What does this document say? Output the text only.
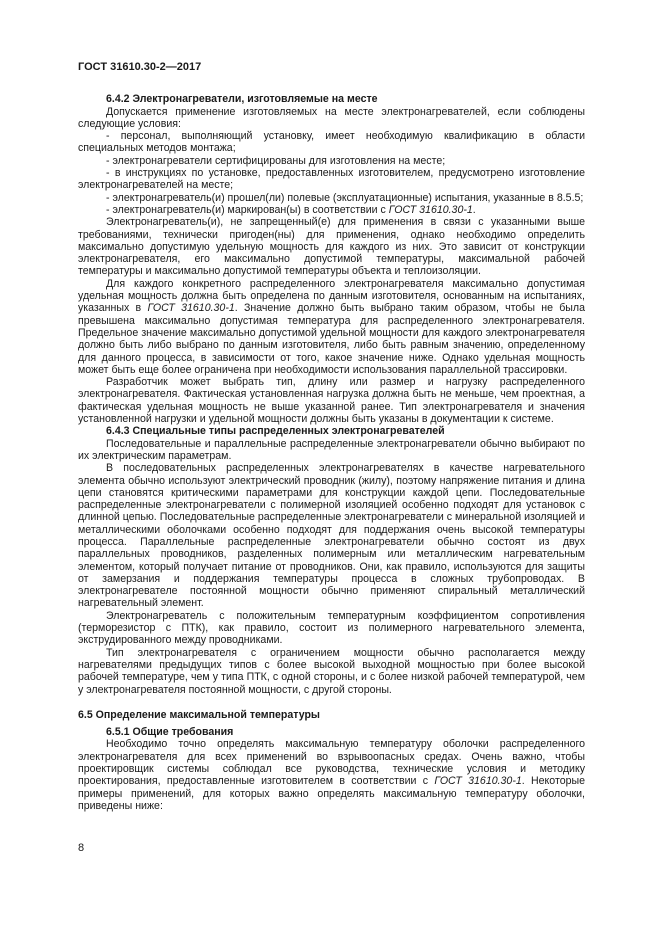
ГОСТ 31610.30-2—2017

6.4.2 Электронагреватели, изготовляемые на месте

Допускается применение изготовляемых на месте электронагревателей, если соблюдены следующие условия:

- персонал, выполняющий установку, имеет необходимую квалификацию в области специальных методов монтажа;

- электронагреватели сертифицированы для изготовления на месте;

- в инструкциях по установке, предоставленных изготовителем, предусмотрено изготовление электронагревателей на месте;

- электронагреватель(и) прошел(ли) полевые (эксплуатационные) испытания, указанные в 8.5.5;

- электронагреватель(и) маркирован(ы) в соответствии с ГОСТ 31610.30-1.

Электронагреватель(и), не запрещенный(е) для применения в связи с указанными выше требованиями, технически пригоден(ны) для применения, однако необходимо определить максимально допустимую удельную мощность для каждого из них. Это зависит от конструкции электронагревателя, его максимально допустимой температуры, максимальной рабочей температуры и максимально допустимой температуры объекта и теплоизоляции.

Для каждого конкретного распределенного электронагревателя максимально допустимая удельная мощность должна быть определена по данным изготовителя, основанным на испытаниях, указанных в ГОСТ 31610.30-1. Значение должно быть выбрано таким образом, чтобы не была превышена максимально допустимая температура для распределенного электронагревателя. Предельное значение максимально допустимой удельной мощности для каждого электронагревателя должно быть либо выбрано по данным изготовителя, либо быть равным значению, определенному для данного процесса, в зависимости от того, какое значение ниже. Однако удельная мощность может быть еще более ограничена при необходимости использования параллельной трассировки.

Разработчик может выбрать тип, длину или размер и нагрузку распределенного электронагревателя. Фактическая установленная нагрузка должна быть не меньше, чем проектная, а фактическая удельная мощность не выше указанной ранее. Тип электронагревателя и значения установленной нагрузки и удельной мощности должны быть указаны в документации к системе.

6.4.3 Специальные типы распределенных электронагревателей

Последовательные и параллельные распределенные электронагреватели обычно выбирают по их электрическим параметрам.

В последовательных распределенных электронагревателях в качестве нагревательного элемента обычно используют электрический проводник (жилу), поэтому напряжение питания и длина цепи становятся критическими параметрами для конструкции каждой цепи. Последовательные распределенные электронагреватели с полимерной изоляцией особенно подходят для установок с длинной цепью. Последовательные распределенные электронагреватели с минеральной изоляцией и металлическими оболочками особенно подходят для поддержания очень высокой температуры процесса. Параллельные распределенные электронагреватели обычно состоят из двух параллельных проводников, разделенных полимерным или металлическим нагревательным элементом, который получает питание от проводников. Они, как правило, используются для защиты от замерзания и поддержания температуры процесса в сложных трубопроводах. В электронагревателе постоянной мощности обычно применяют спиральный металлический нагревательный элемент.

Электронагреватель с положительным температурным коэффициентом сопротивления (терморезистор с ПТК), как правило, состоит из полимерного нагревательного элемента, экструдированного между проводниками.

Тип электронагревателя с ограничением мощности обычно располагается между нагревателями предыдущих типов с более высокой выходной мощностью при более высокой рабочей температуре, чем у типа ПТК, с одной стороны, и с более низкой рабочей температурой, чем у электронагревателя постоянной мощности, с другой стороны.

6.5 Определение максимальной температуры

6.5.1 Общие требования

Необходимо точно определять максимальную температуру оболочки распределенного электронагревателя для всех применений во взрывоопасных средах. Очень важно, чтобы проектировщик системы соблюдал все руководства, технические условия и методику проектирования, предоставленные изготовителем в соответствии с ГОСТ 31610.30-1. Некоторые примеры применений, для которых важно определять максимальную температуру оболочки, приведены ниже:

8
